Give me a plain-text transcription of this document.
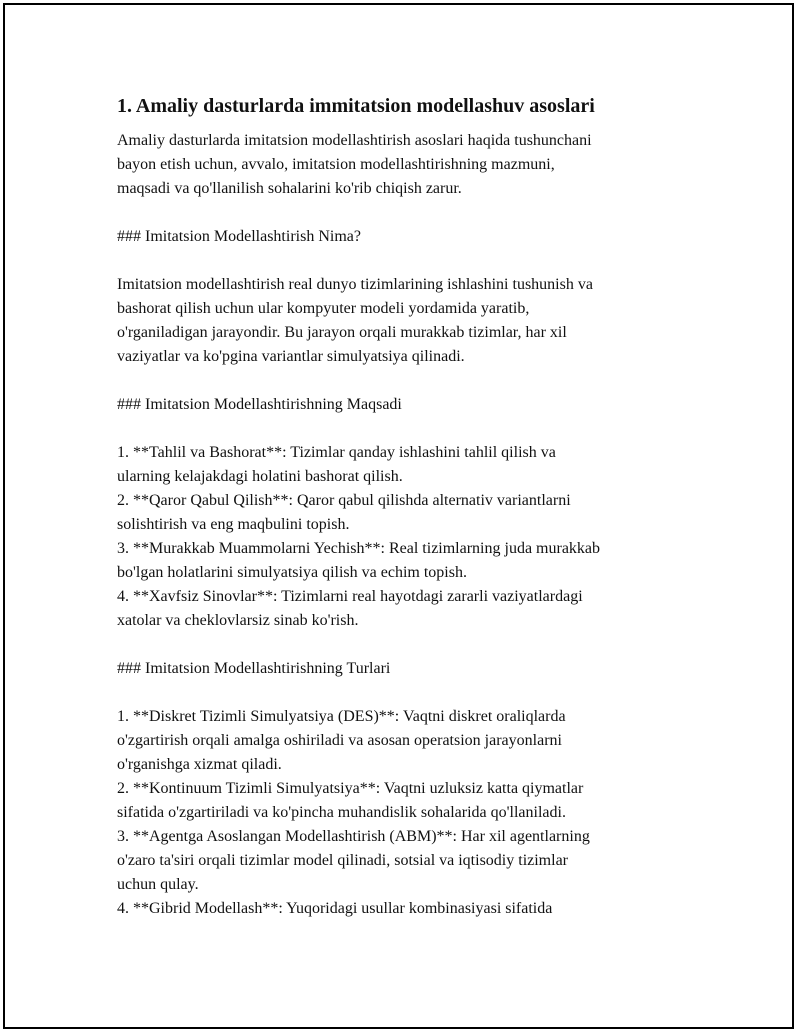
1. Amaliy dasturlarda immitatsion modellashuv asoslari
Amaliy dasturlarda imitatsion modellashtirish asoslari haqida tushunchani
bayon etish uchun, avvalo, imitatsion modellashtirishning mazmuni,
maqsadi va qo'llanilish sohalarini ko'rib chiqish zarur.
### Imitatsion Modellashtirish Nima?
Imitatsion modellashtirish real dunyo tizimlarining ishlashini tushunish va
bashorat qilish uchun ular kompyuter modeli yordamida yaratib,
o'rganiladigan jarayondir. Bu jarayon orqali murakkab tizimlar, har xil
vaziyatlar va ko'pgina variantlar simulyatsiya qilinadi.
### Imitatsion Modellashtirishning Maqsadi
1. **Tahlil va Bashorat**: Tizimlar qanday ishlashini tahlil qilish va
ularning kelajakdagi holatini bashorat qilish.
2. **Qaror Qabul Qilish**: Qaror qabul qilishda alternativ variantlarni
solishtirish va eng maqbulini topish.
3. **Murakkab Muammolarni Yechish**: Real tizimlarning juda murakkab
bo'lgan holatlarini simulyatsiya qilish va echim topish.
4. **Xavfsiz Sinovlar**: Tizimlarni real hayotdagi zararli vaziyatlardagi
xatolar va cheklovlarsiz sinab ko'rish.
### Imitatsion Modellashtirishning Turlari
1. **Diskret Tizimli Simulyatsiya (DES)**: Vaqtni diskret oraliqlarda
o'zgartirish orqali amalga oshiriladi va asosan operatsion jarayonlarni
o'rganishga xizmat qiladi.
2. **Kontinuum Tizimli Simulyatsiya**: Vaqtni uzluksiz katta qiymatlar
sifatida o'zgartiriladi va ko'pincha muhandislik sohalarida qo'llaniladi.
3. **Agentga Asoslangan Modellashtirish (ABM)**: Har xil agentlarning
o'zaro ta'siri orqali tizimlar model qilinadi, sotsial va iqtisodiy tizimlar
uchun qulay.
4. **Gibrid Modellash**: Yuqoridagi usullar kombinasiyasi sifatida
